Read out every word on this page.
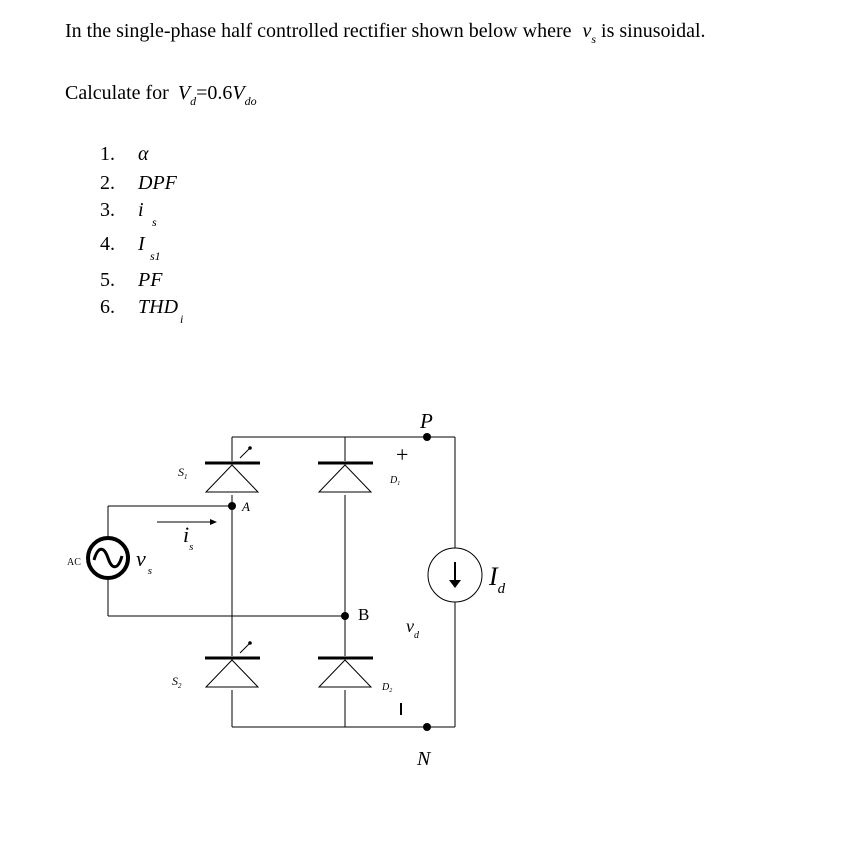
In the single-phase half controlled rectifier shown below where $v_s$ is sinusoidal.
Calculate for $V_d=0.6V_{do}$
1. α
2. DPF
3. i
s
4. I
s1
5. PF
6. THD
i
AC
$S_1$
$S_2$
$D_1$
$D_2$
A
B
P
N
+
-
$i_s$
v $_s$
$v_d$
$I_d$
